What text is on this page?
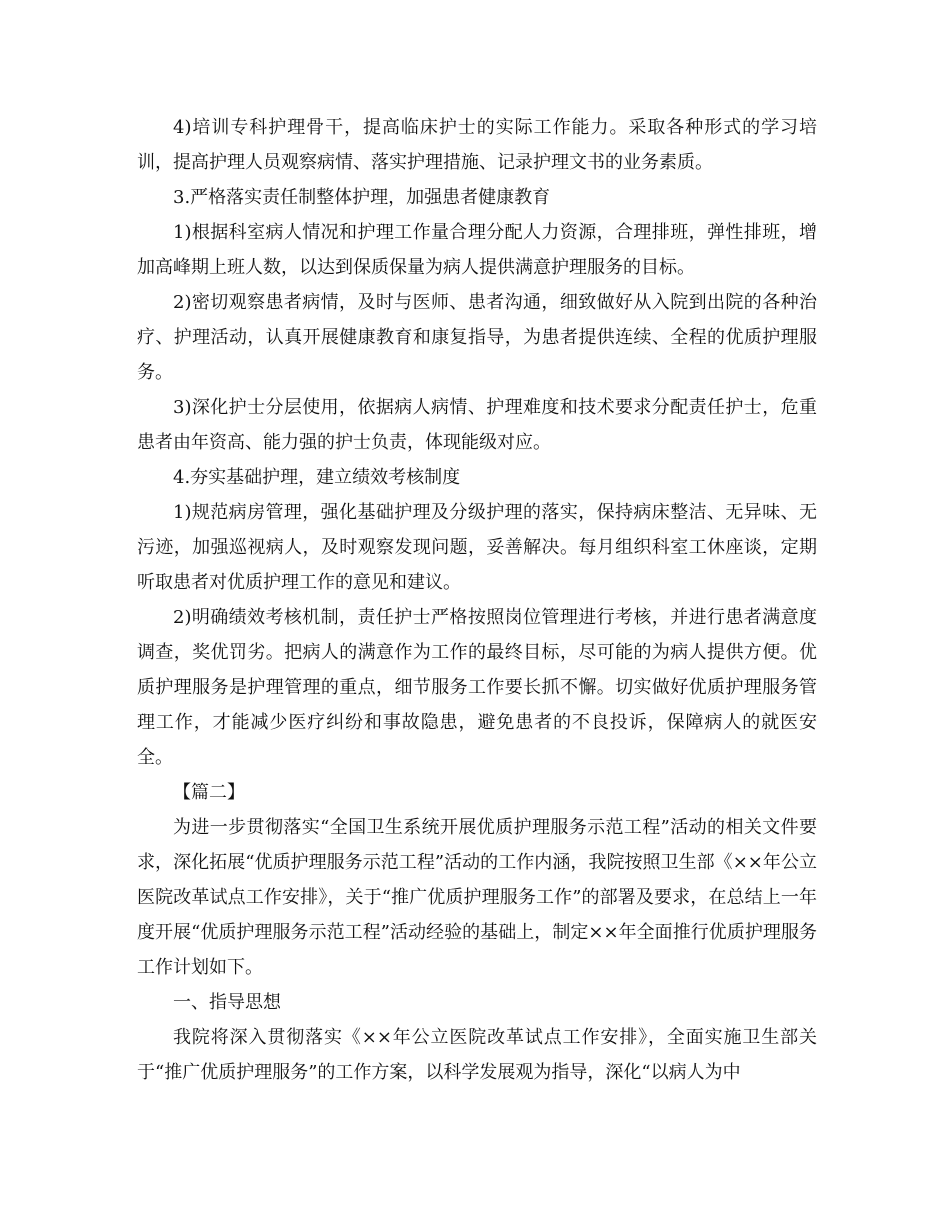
4)培训专科护理骨干，提高临床护士的实际工作能力。采取各种形式的学习培训，提高护理人员观察病情、落实护理措施、记录护理文书的业务素质。

3.严格落实责任制整体护理，加强患者健康教育

1)根据科室病人情况和护理工作量合理分配人力资源，合理排班，弹性排班，增加高峰期上班人数，以达到保质保量为病人提供满意护理服务的目标。

2)密切观察患者病情，及时与医师、患者沟通，细致做好从入院到出院的各种治疗、护理活动，认真开展健康教育和康复指导，为患者提供连续、全程的优质护理服务。

3)深化护士分层使用，依据病人病情、护理难度和技术要求分配责任护士，危重患者由年资高、能力强的护士负责，体现能级对应。

4.夯实基础护理，建立绩效考核制度

1)规范病房管理，强化基础护理及分级护理的落实，保持病床整洁、无异味、无污迹，加强巡视病人，及时观察发现问题，妥善解决。每月组织科室工休座谈，定期听取患者对优质护理工作的意见和建议。

2)明确绩效考核机制，责任护士严格按照岗位管理进行考核，并进行患者满意度调查，奖优罚劣。把病人的满意作为工作的最终目标，尽可能的为病人提供方便。优质护理服务是护理管理的重点，细节服务工作要长抓不懈。切实做好优质护理服务管理工作，才能减少医疗纠纷和事故隐患，避免患者的不良投诉，保障病人的就医安全。

【篇二】

为进一步贯彻落实“全国卫生系统开展优质护理服务示范工程”活动的相关文件要求，深化拓展“优质护理服务示范工程”活动的工作内涵，我院按照卫生部《××年公立医院改革试点工作安排》，关于“推广优质护理服务工作”的部署及要求，在总结上一年度开展“优质护理服务示范工程”活动经验的基础上，制定××年全面推行优质护理服务工作计划如下。

一、指导思想

我院将深入贯彻落实《××年公立医院改革试点工作安排》，全面实施卫生部关于“推广优质护理服务”的工作方案，以科学发展观为指导，深化“以病人为中
